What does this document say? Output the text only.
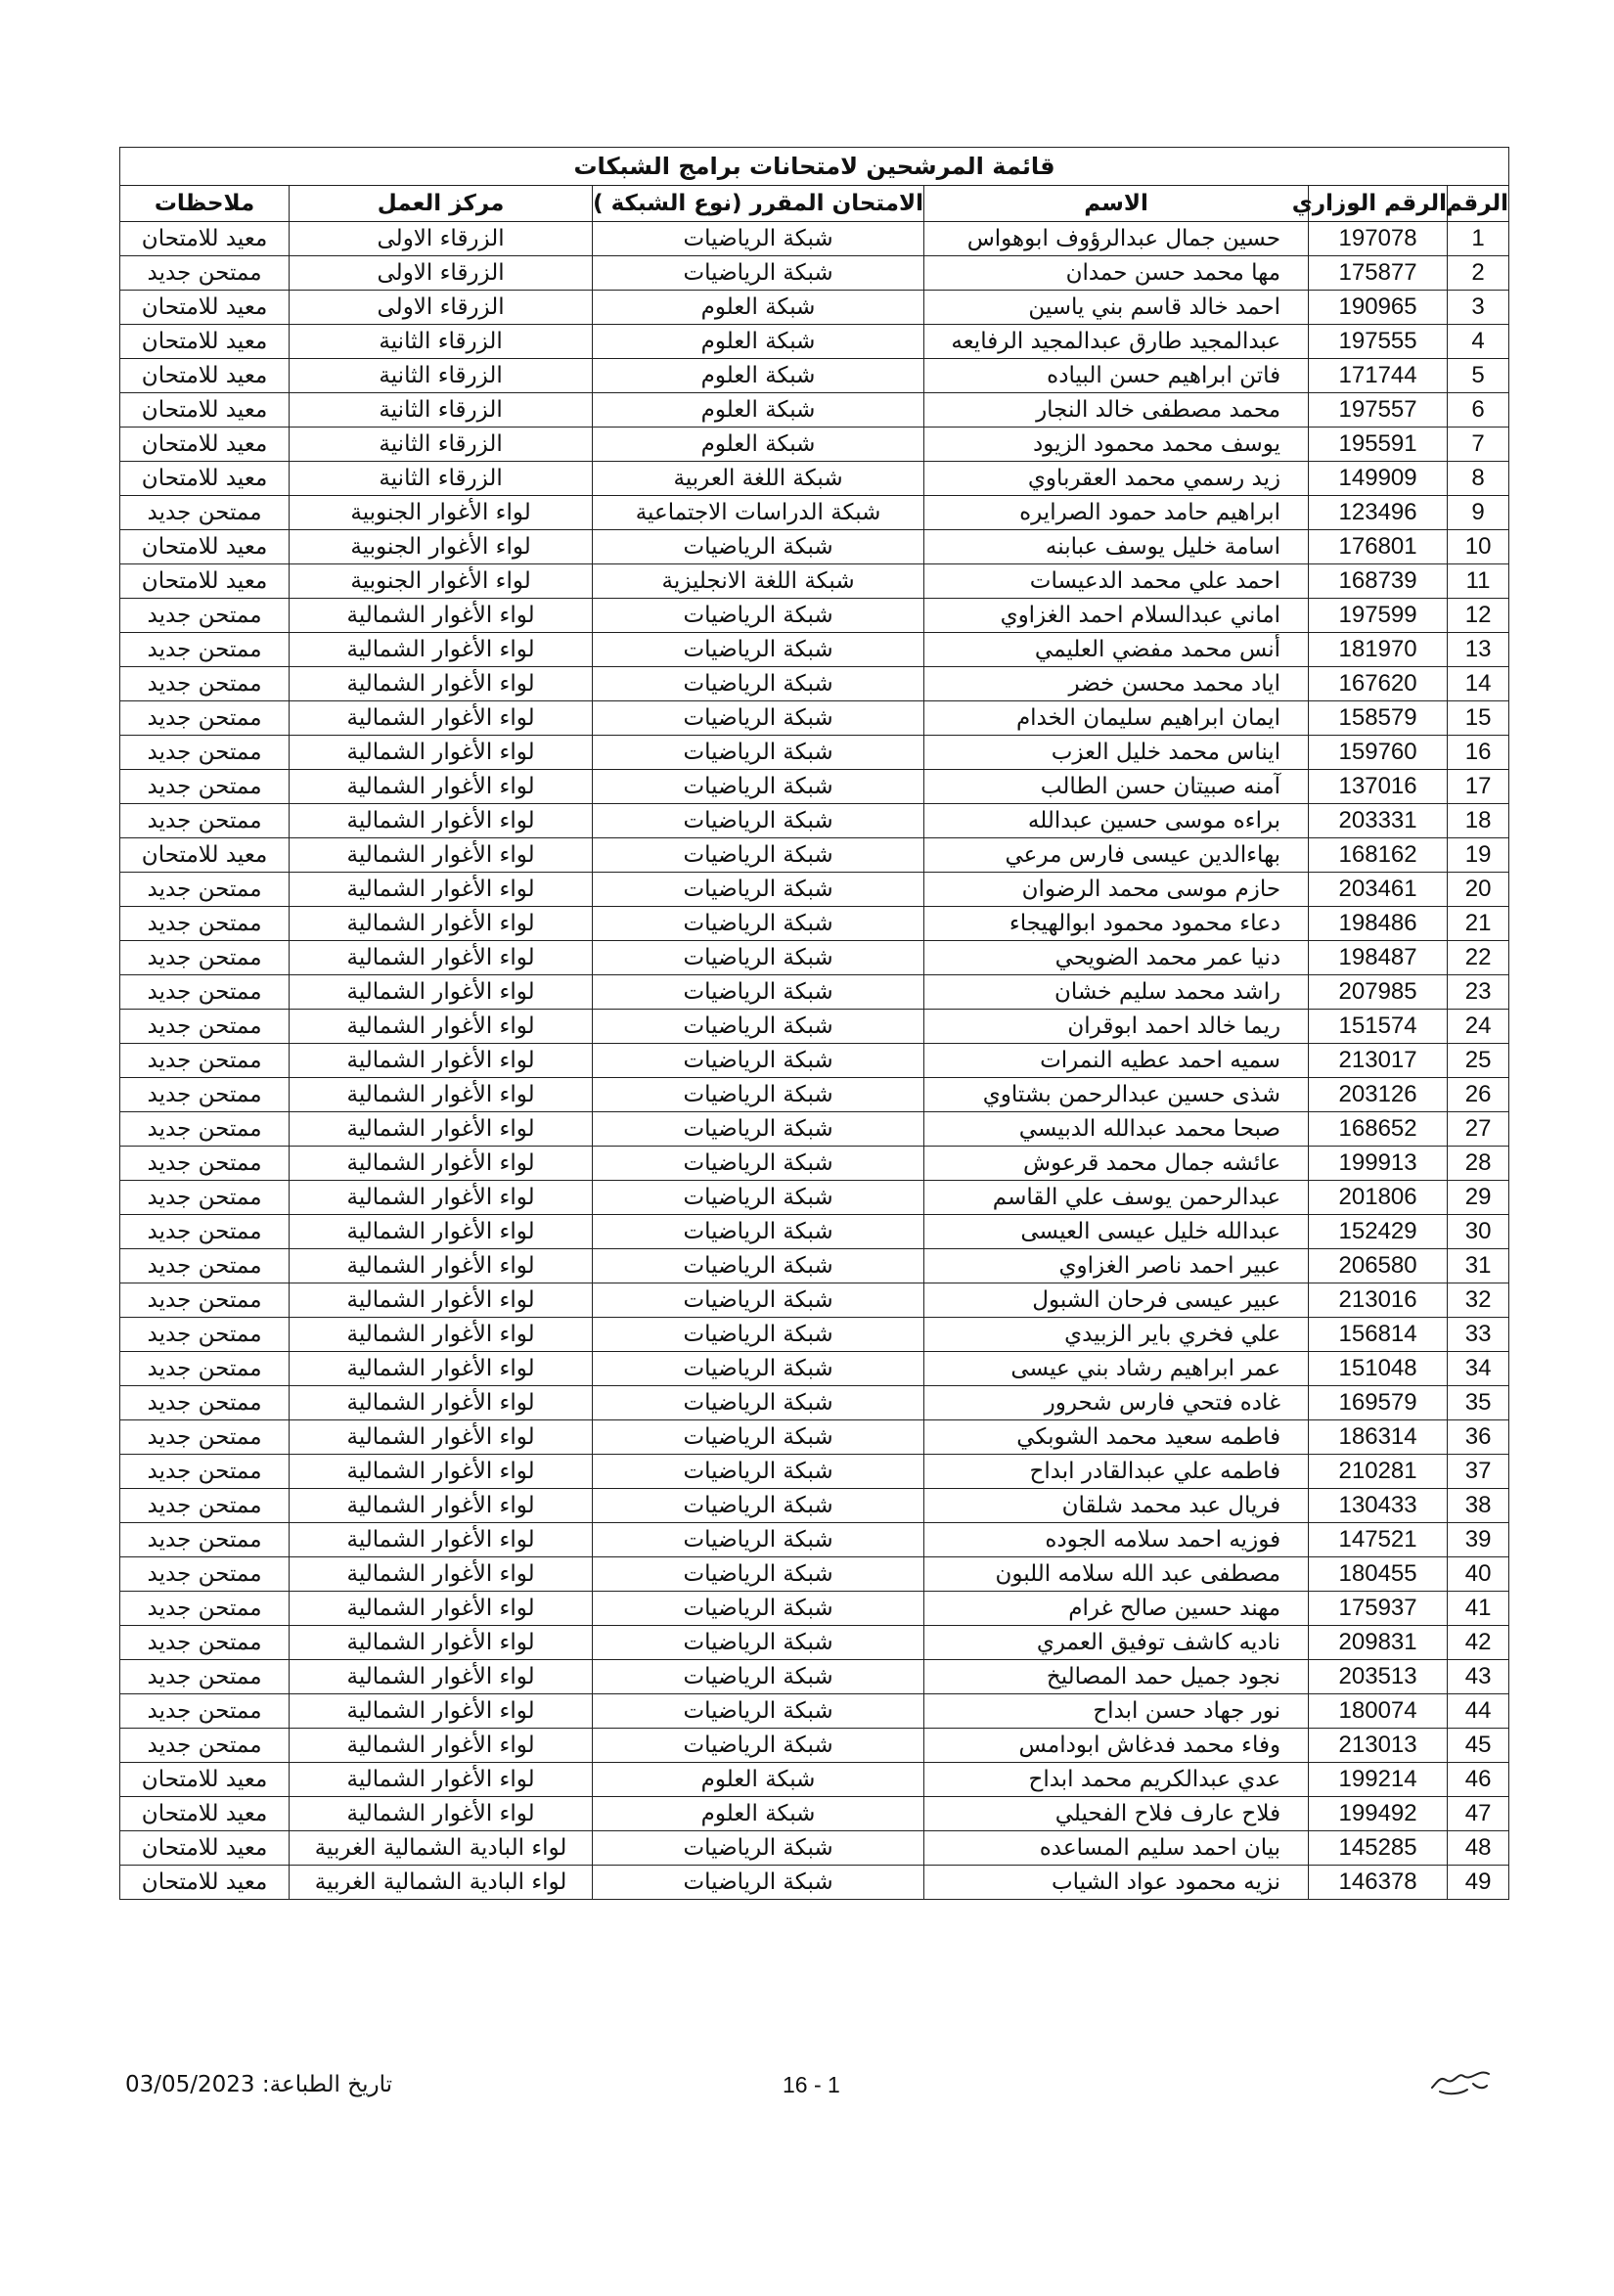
قائمة المرشحين لامتحانات برامج الشبكات					
الرقم	الرقم الوزاري	الاسم	الامتحان المقرر (نوع الشبكة )	مركز العمل	ملاحظات
1	197078	حسين جمال عبدالرؤوف ابوهواس	شبكة الرياضيات	الزرقاء الاولى	معيد للامتحان
2	175877	مها محمد حسن حمدان	شبكة الرياضيات	الزرقاء الاولى	ممتحن جديد
3	190965	احمد خالد قاسم بني ياسين	شبكة العلوم	الزرقاء الاولى	معيد للامتحان
4	197555	عبدالمجيد طارق عبدالمجيد الرفايعه	شبكة العلوم	الزرقاء الثانية	معيد للامتحان
5	171744	فاتن ابراهيم حسن البياده	شبكة العلوم	الزرقاء الثانية	معيد للامتحان
6	197557	محمد مصطفى خالد النجار	شبكة العلوم	الزرقاء الثانية	معيد للامتحان
7	195591	يوسف محمد محمود الزيود	شبكة العلوم	الزرقاء الثانية	معيد للامتحان
8	149909	زيد رسمي محمد العقرباوي	شبكة اللغة العربية	الزرقاء الثانية	معيد للامتحان
9	123496	ابراهيم حامد حمود الصرايره	شبكة الدراسات الاجتماعية	لواء الأغوار الجنوبية	ممتحن جديد
10	176801	اسامة خليل يوسف عبابنه	شبكة الرياضيات	لواء الأغوار الجنوبية	معيد للامتحان
11	168739	احمد علي محمد الدعيسات	شبكة اللغة الانجليزية	لواء الأغوار الجنوبية	معيد للامتحان
12	197599	اماني عبدالسلام احمد الغزاوي	شبكة الرياضيات	لواء الأغوار الشمالية	ممتحن جديد
13	181970	أنس محمد مفضي العليمي	شبكة الرياضيات	لواء الأغوار الشمالية	ممتحن جديد
14	167620	اياد محمد محسن خضر	شبكة الرياضيات	لواء الأغوار الشمالية	ممتحن جديد
15	158579	ايمان ابراهيم سليمان الخدام	شبكة الرياضيات	لواء الأغوار الشمالية	ممتحن جديد
16	159760	ايناس محمد خليل العزب	شبكة الرياضيات	لواء الأغوار الشمالية	ممتحن جديد
17	137016	آمنه صبيتان حسن الطالب	شبكة الرياضيات	لواء الأغوار الشمالية	ممتحن جديد
18	203331	براءه موسى حسين عبدالله	شبكة الرياضيات	لواء الأغوار الشمالية	ممتحن جديد
19	168162	بهاءالدين عيسى فارس مرعي	شبكة الرياضيات	لواء الأغوار الشمالية	معيد للامتحان
20	203461	حازم موسى محمد الرضوان	شبكة الرياضيات	لواء الأغوار الشمالية	ممتحن جديد
21	198486	دعاء محمود محمود ابوالهيجاء	شبكة الرياضيات	لواء الأغوار الشمالية	ممتحن جديد
22	198487	دنيا عمر محمد الضويحي	شبكة الرياضيات	لواء الأغوار الشمالية	ممتحن جديد
23	207985	راشد محمد سليم خشان	شبكة الرياضيات	لواء الأغوار الشمالية	ممتحن جديد
24	151574	ريما خالد احمد ابوقران	شبكة الرياضيات	لواء الأغوار الشمالية	ممتحن جديد
25	213017	سميه احمد عطيه النمرات	شبكة الرياضيات	لواء الأغوار الشمالية	ممتحن جديد
26	203126	شذى حسين عبدالرحمن بشتاوي	شبكة الرياضيات	لواء الأغوار الشمالية	ممتحن جديد
27	168652	صبحا محمد عبدالله الدبيسي	شبكة الرياضيات	لواء الأغوار الشمالية	ممتحن جديد
28	199913	عائشه جمال محمد قرعوش	شبكة الرياضيات	لواء الأغوار الشمالية	ممتحن جديد
29	201806	عبدالرحمن يوسف علي القاسم	شبكة الرياضيات	لواء الأغوار الشمالية	ممتحن جديد
30	152429	عبدالله خليل عيسى العيسى	شبكة الرياضيات	لواء الأغوار الشمالية	ممتحن جديد
31	206580	عبير احمد ناصر الغزاوي	شبكة الرياضيات	لواء الأغوار الشمالية	ممتحن جديد
32	213016	عبير عيسى فرحان الشبول	شبكة الرياضيات	لواء الأغوار الشمالية	ممتحن جديد
33	156814	علي فخري باير الزبيدي	شبكة الرياضيات	لواء الأغوار الشمالية	ممتحن جديد
34	151048	عمر ابراهيم رشاد بني عيسى	شبكة الرياضيات	لواء الأغوار الشمالية	ممتحن جديد
35	169579	غاده فتحي فارس شحرور	شبكة الرياضيات	لواء الأغوار الشمالية	ممتحن جديد
36	186314	فاطمه سعيد محمد الشوبكي	شبكة الرياضيات	لواء الأغوار الشمالية	ممتحن جديد
37	210281	فاطمه علي عبدالقادر ابداح	شبكة الرياضيات	لواء الأغوار الشمالية	ممتحن جديد
38	130433	فريال عبد محمد شلقان	شبكة الرياضيات	لواء الأغوار الشمالية	ممتحن جديد
39	147521	فوزيه احمد سلامه الجوده	شبكة الرياضيات	لواء الأغوار الشمالية	ممتحن جديد
40	180455	مصطفى عبد الله سلامه اللبون	شبكة الرياضيات	لواء الأغوار الشمالية	ممتحن جديد
41	175937	مهند حسين صالح غرام	شبكة الرياضيات	لواء الأغوار الشمالية	ممتحن جديد
42	209831	ناديه كاشف توفيق العمري	شبكة الرياضيات	لواء الأغوار الشمالية	ممتحن جديد
43	203513	نجود جميل حمد المصاليخ	شبكة الرياضيات	لواء الأغوار الشمالية	ممتحن جديد
44	180074	نور جهاد حسن ابداح	شبكة الرياضيات	لواء الأغوار الشمالية	ممتحن جديد
45	213013	وفاء محمد فدغاش ابودامس	شبكة الرياضيات	لواء الأغوار الشمالية	ممتحن جديد
46	199214	عدي عبدالكريم محمد ابداح	شبكة العلوم	لواء الأغوار الشمالية	معيد للامتحان
47	199492	فلاح عارف فلاح الفحيلي	شبكة العلوم	لواء الأغوار الشمالية	معيد للامتحان
48	145285	بيان احمد سليم المساعده	شبكة الرياضيات	لواء البادية الشمالية الغربية	معيد للامتحان
49	146378	نزيه محمود عواد الشياب	شبكة الرياضيات	لواء البادية الشمالية الغربية	معيد للامتحان
تاريخ الطباعة: 03/05/2023	16 - 1
